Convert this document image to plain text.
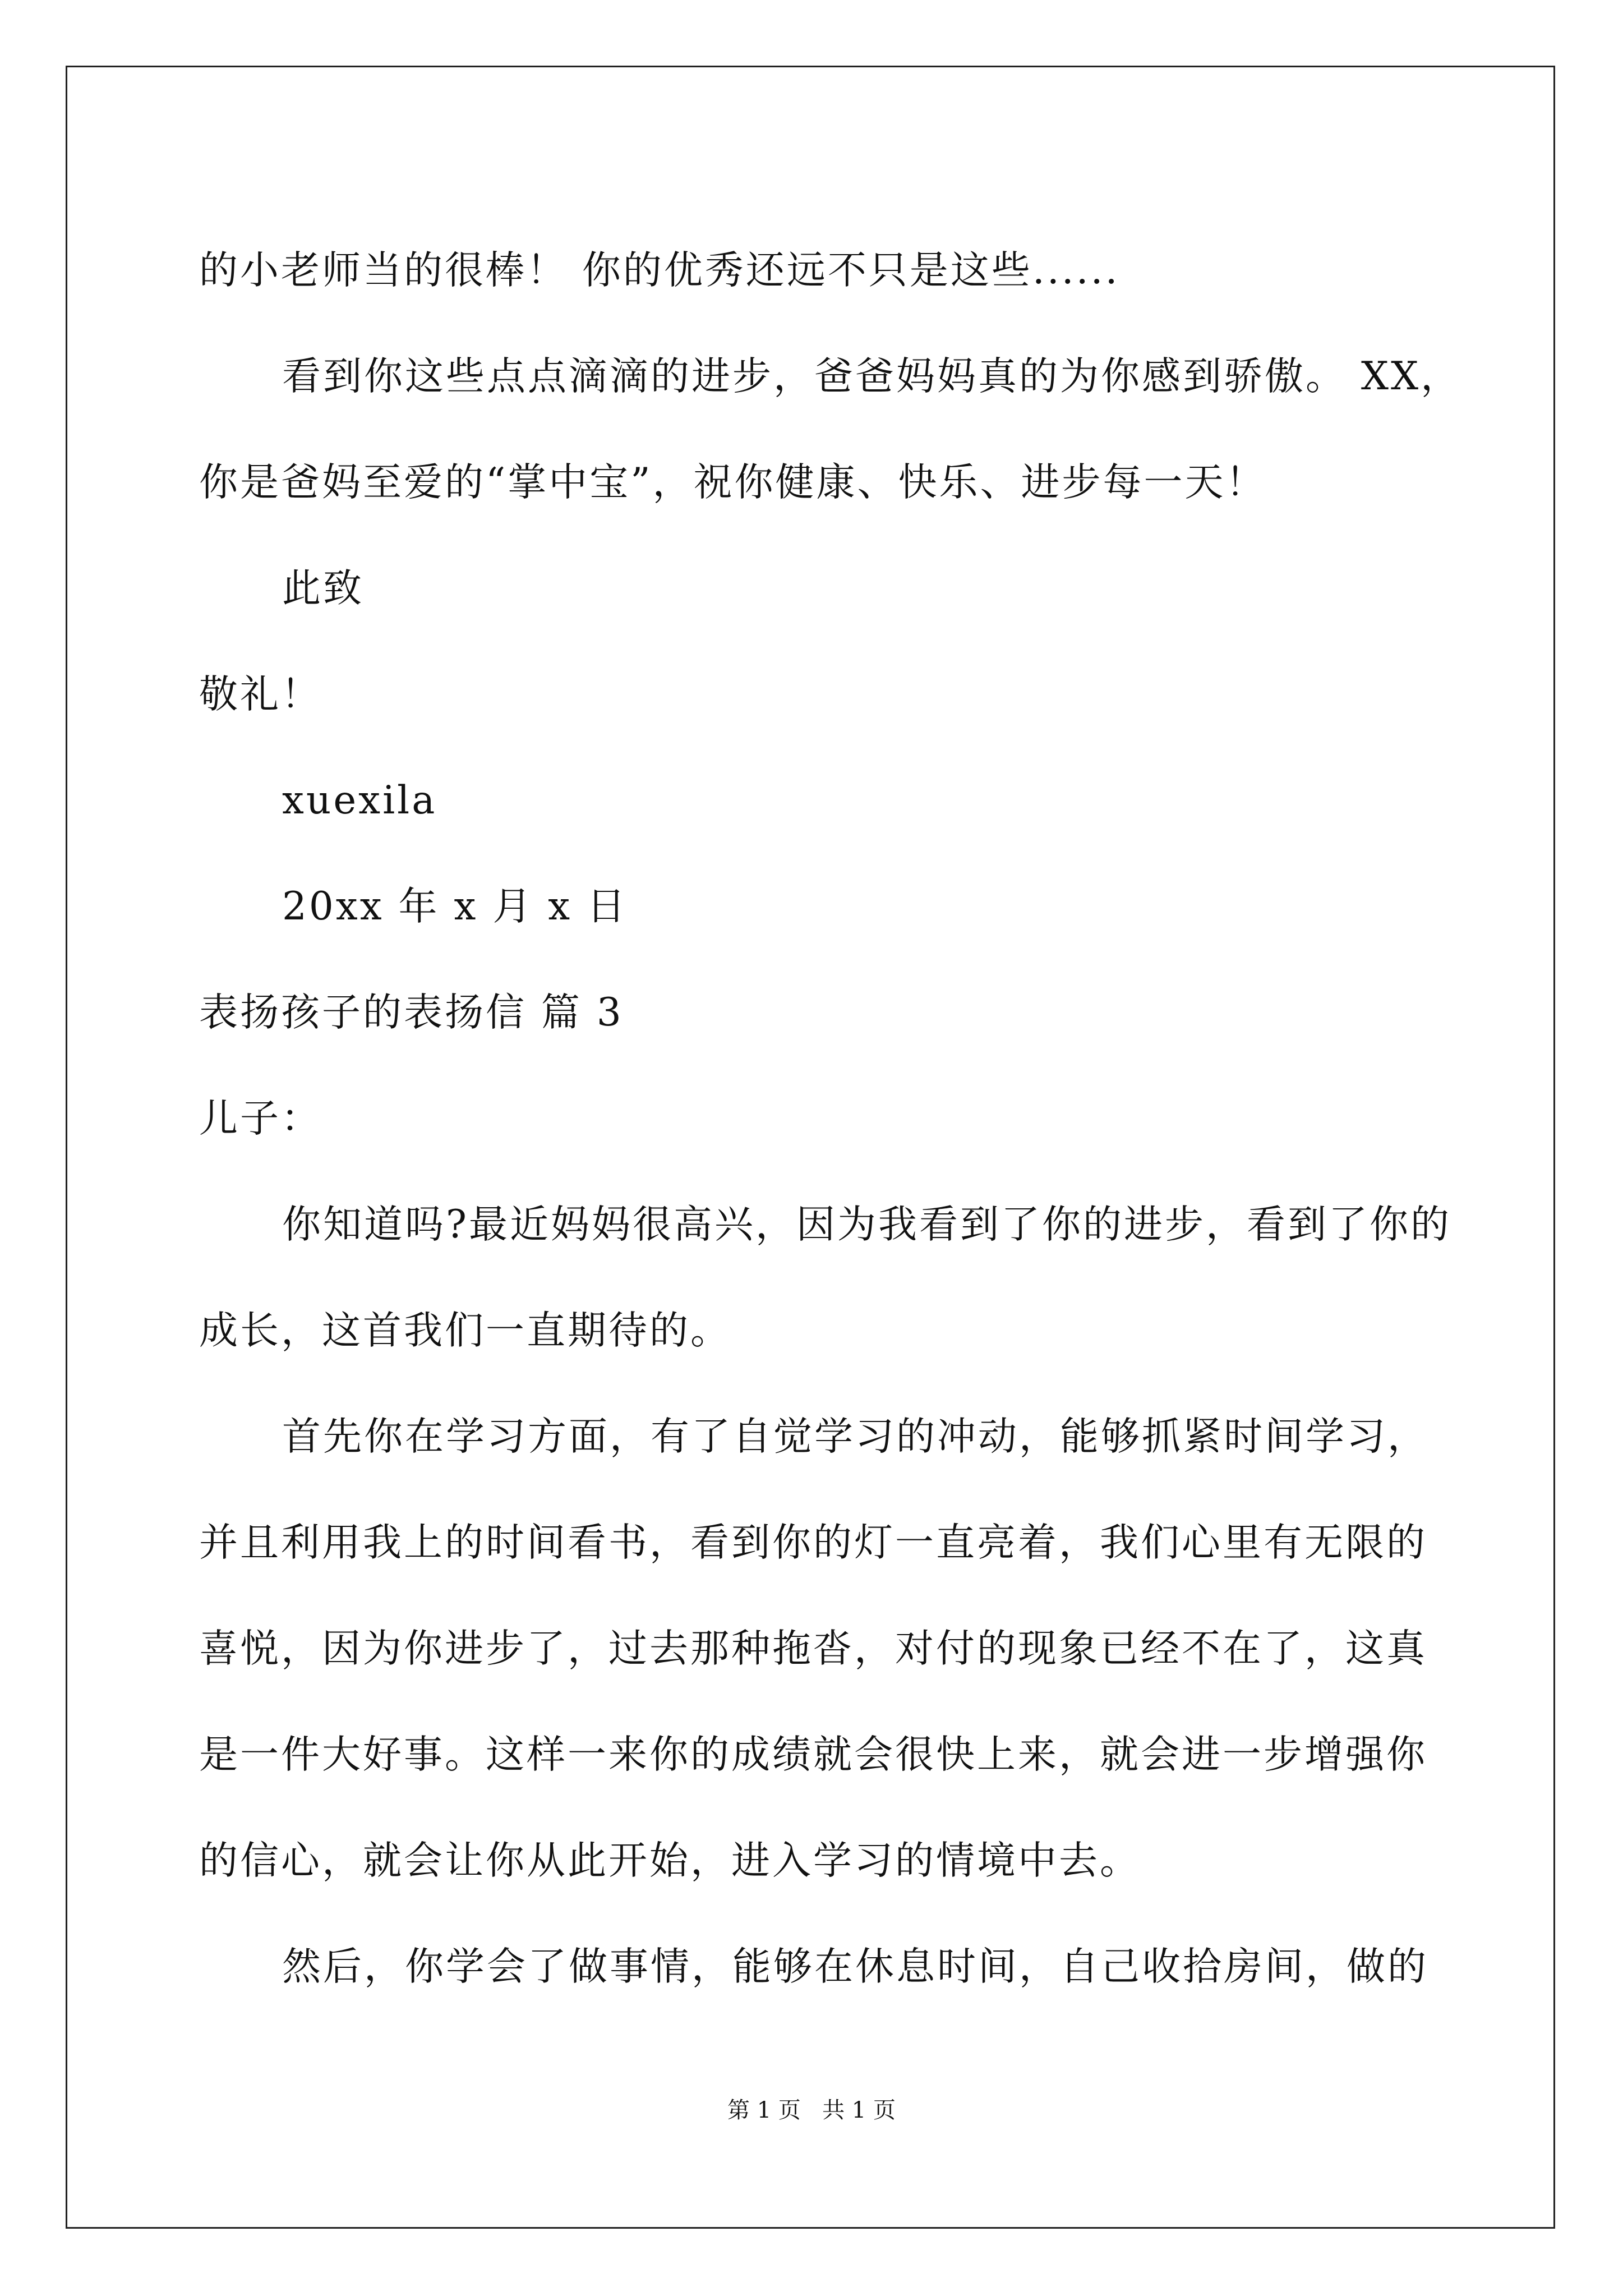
的小老师当的很棒！ 你的优秀还远不只是这些......
看到你这些点点滴滴的进步，爸爸妈妈真的为你感到骄傲。 XX，
你是爸妈至爱的“掌中宝”，祝你健康、快乐、进步每一天！
此致
敬礼！
xuexila
20xx 年 x 月 x 日
表扬孩子的表扬信 篇 3
儿子：
你知道吗?最近妈妈很高兴，因为我看到了你的进步，看到了你的
成长，这首我们一直期待的。
首先你在学习方面，有了自觉学习的冲动，能够抓紧时间学习，
并且利用我上的时间看书，看到你的灯一直亮着，我们心里有无限的
喜悦，因为你进步了，过去那种拖沓，对付的现象已经不在了，这真
是一件大好事。这样一来你的成绩就会很快上来，就会进一步增强你
的信心，就会让你从此开始，进入学习的情境中去。
然后，你学会了做事情，能够在休息时间，自己收拾房间，做的
第 1 页   共 1 页
